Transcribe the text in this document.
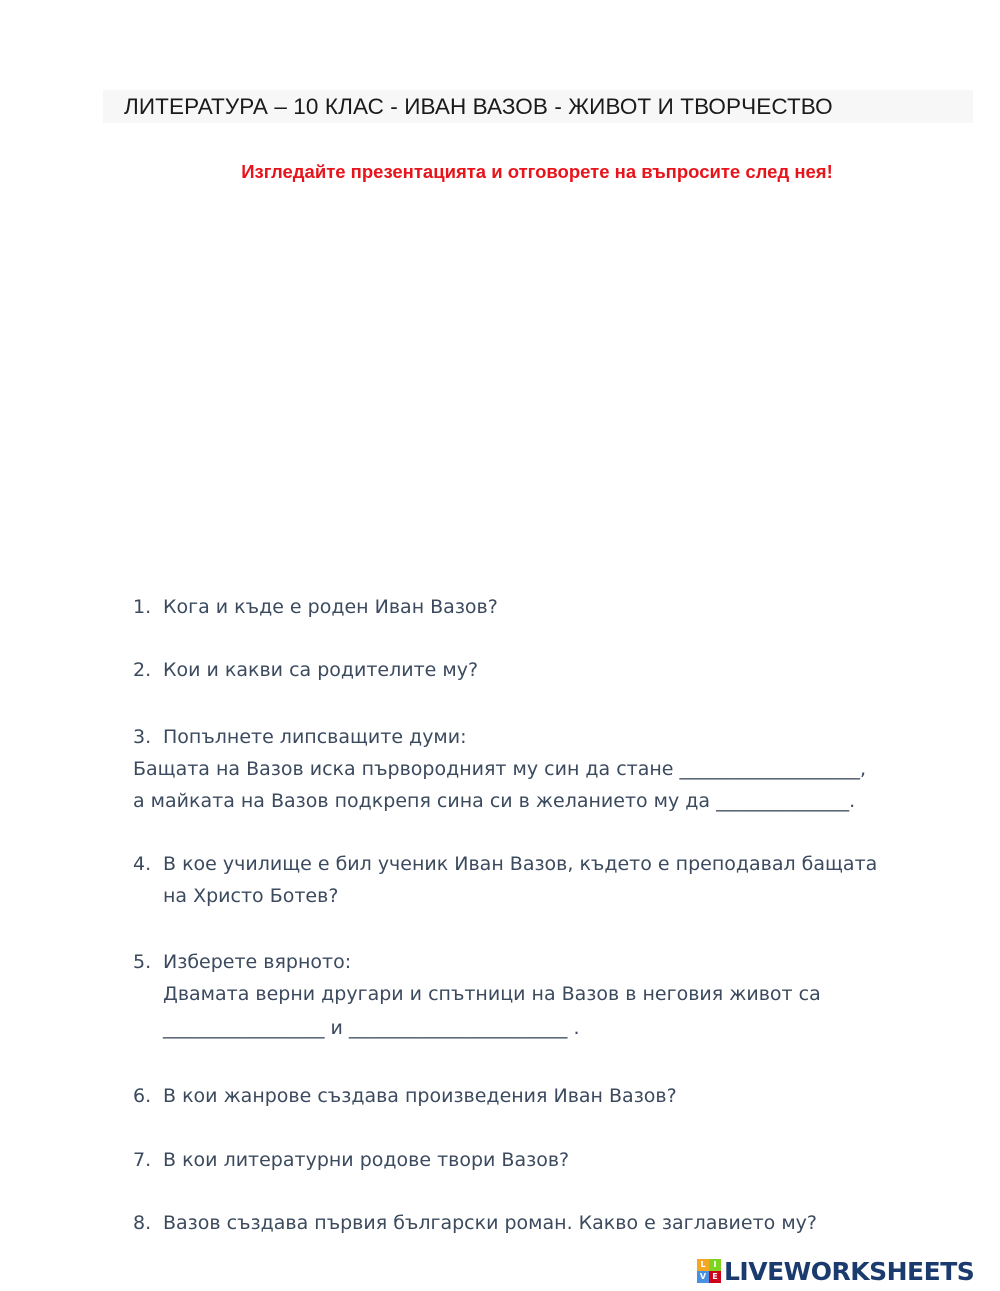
ЛИТЕРАТУРА – 10 КЛАС - ИВАН ВАЗОВ - ЖИВОТ И ТВОРЧЕСТВО
Изгледайте презентацията и отговорете на въпросите след нея!
1. Кога и къде е роден Иван Вазов?
2. Кои и какви са родителите му?
3. Попълнете липсващите думи:
Бащата на Вазов иска първородният му син да стане ___________________,
а майката на Вазов подкрепя сина си в желанието му да ______________.
4. В кое училище е бил ученик Иван Вазов, където е преподавал бащата
на Христо Ботев?
5. Изберете вярното:
Двамата верни другари и спътници на Вазов в неговия живот са
_________________ и _______________________ .
6. В кои жанрове създава произведения Иван Вазов?
7. В кои литературни родове твори Вазов?
8. Вазов създава първия български роман. Какво е заглавието му?
L I
V E LIVEWORKSHEETS
